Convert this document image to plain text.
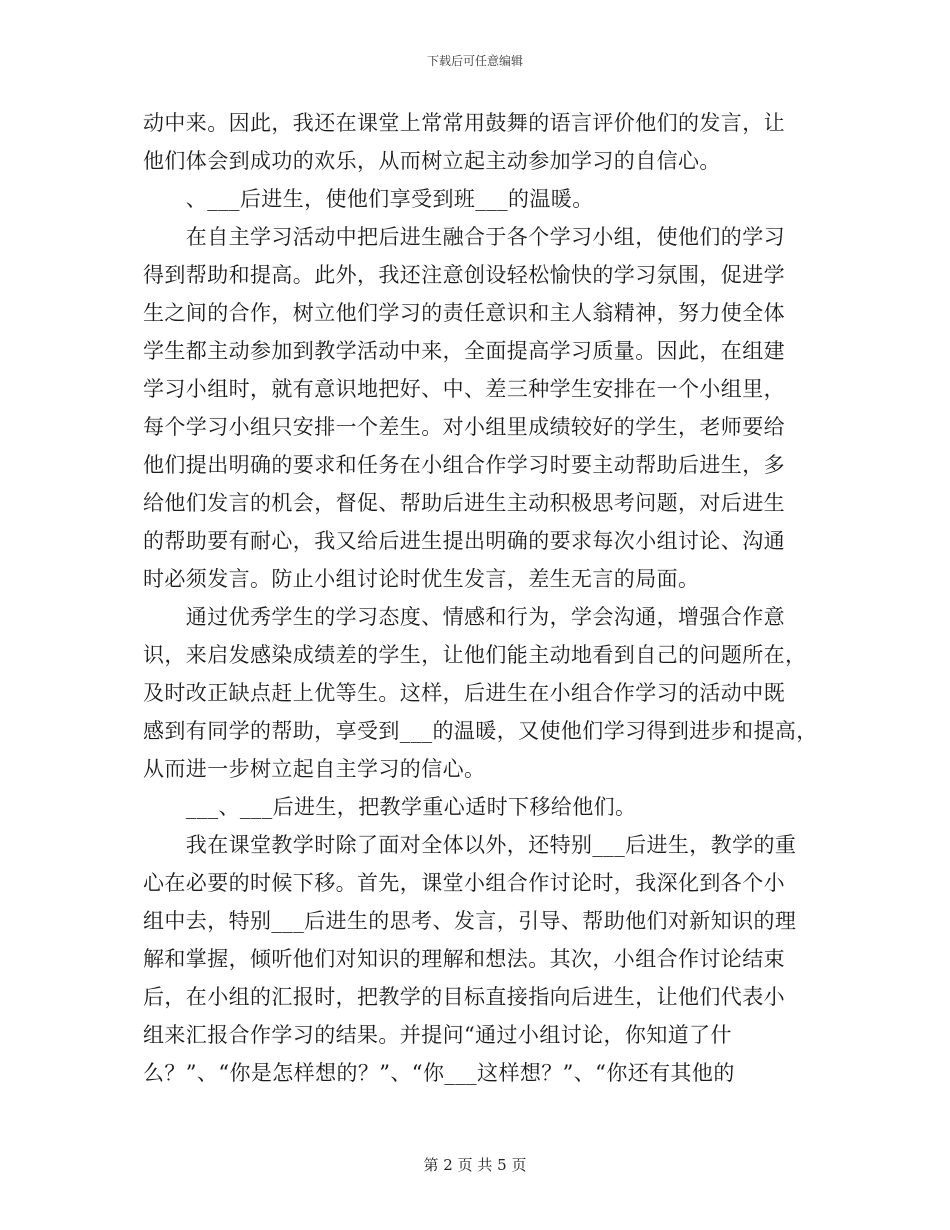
下载后可任意编辑
动中来。因此，我还在课堂上常常用鼓舞的语言评价他们的发言，让
他们体会到成功的欢乐，从而树立起主动参加学习的自信心。
　　、___后进生，使他们享受到班___的温暖。
　　在自主学习活动中把后进生融合于各个学习小组，使他们的学习
得到帮助和提高。此外，我还注意创设轻松愉快的学习氛围，促进学
生之间的合作，树立他们学习的责任意识和主人翁精神，努力使全体
学生都主动参加到教学活动中来，全面提高学习质量。因此，在组建
学习小组时，就有意识地把好、中、差三种学生安排在一个小组里，
每个学习小组只安排一个差生。对小组里成绩较好的学生，老师要给
他们提出明确的要求和任务在小组合作学习时要主动帮助后进生，多
给他们发言的机会，督促、帮助后进生主动积极思考问题，对后进生
的帮助要有耐心，我又给后进生提出明确的要求每次小组讨论、沟通
时必须发言。防止小组讨论时优生发言，差生无言的局面。
　　通过优秀学生的学习态度、情感和行为，学会沟通，增强合作意
识，来启发感染成绩差的学生，让他们能主动地看到自己的问题所在，
及时改正缺点赶上优等生。这样，后进生在小组合作学习的活动中既
感到有同学的帮助，享受到___的温暖，又使他们学习得到进步和提高，
从而进一步树立起自主学习的信心。
　　___、___后进生，把教学重心适时下移给他们。
　　我在课堂教学时除了面对全体以外，还特别___后进生，教学的重
心在必要的时候下移。首先，课堂小组合作讨论时，我深化到各个小
组中去，特别___后进生的思考、发言，引导、帮助他们对新知识的理
解和掌握，倾听他们对知识的理解和想法。其次，小组合作讨论结束
后，在小组的汇报时，把教学的目标直接指向后进生，让他们代表小
组来汇报合作学习的结果。并提问“通过小组讨论，你知道了什
么？”、“你是怎样想的？”、“你___这样想？”、“你还有其他的
第 2 页 共 5 页
